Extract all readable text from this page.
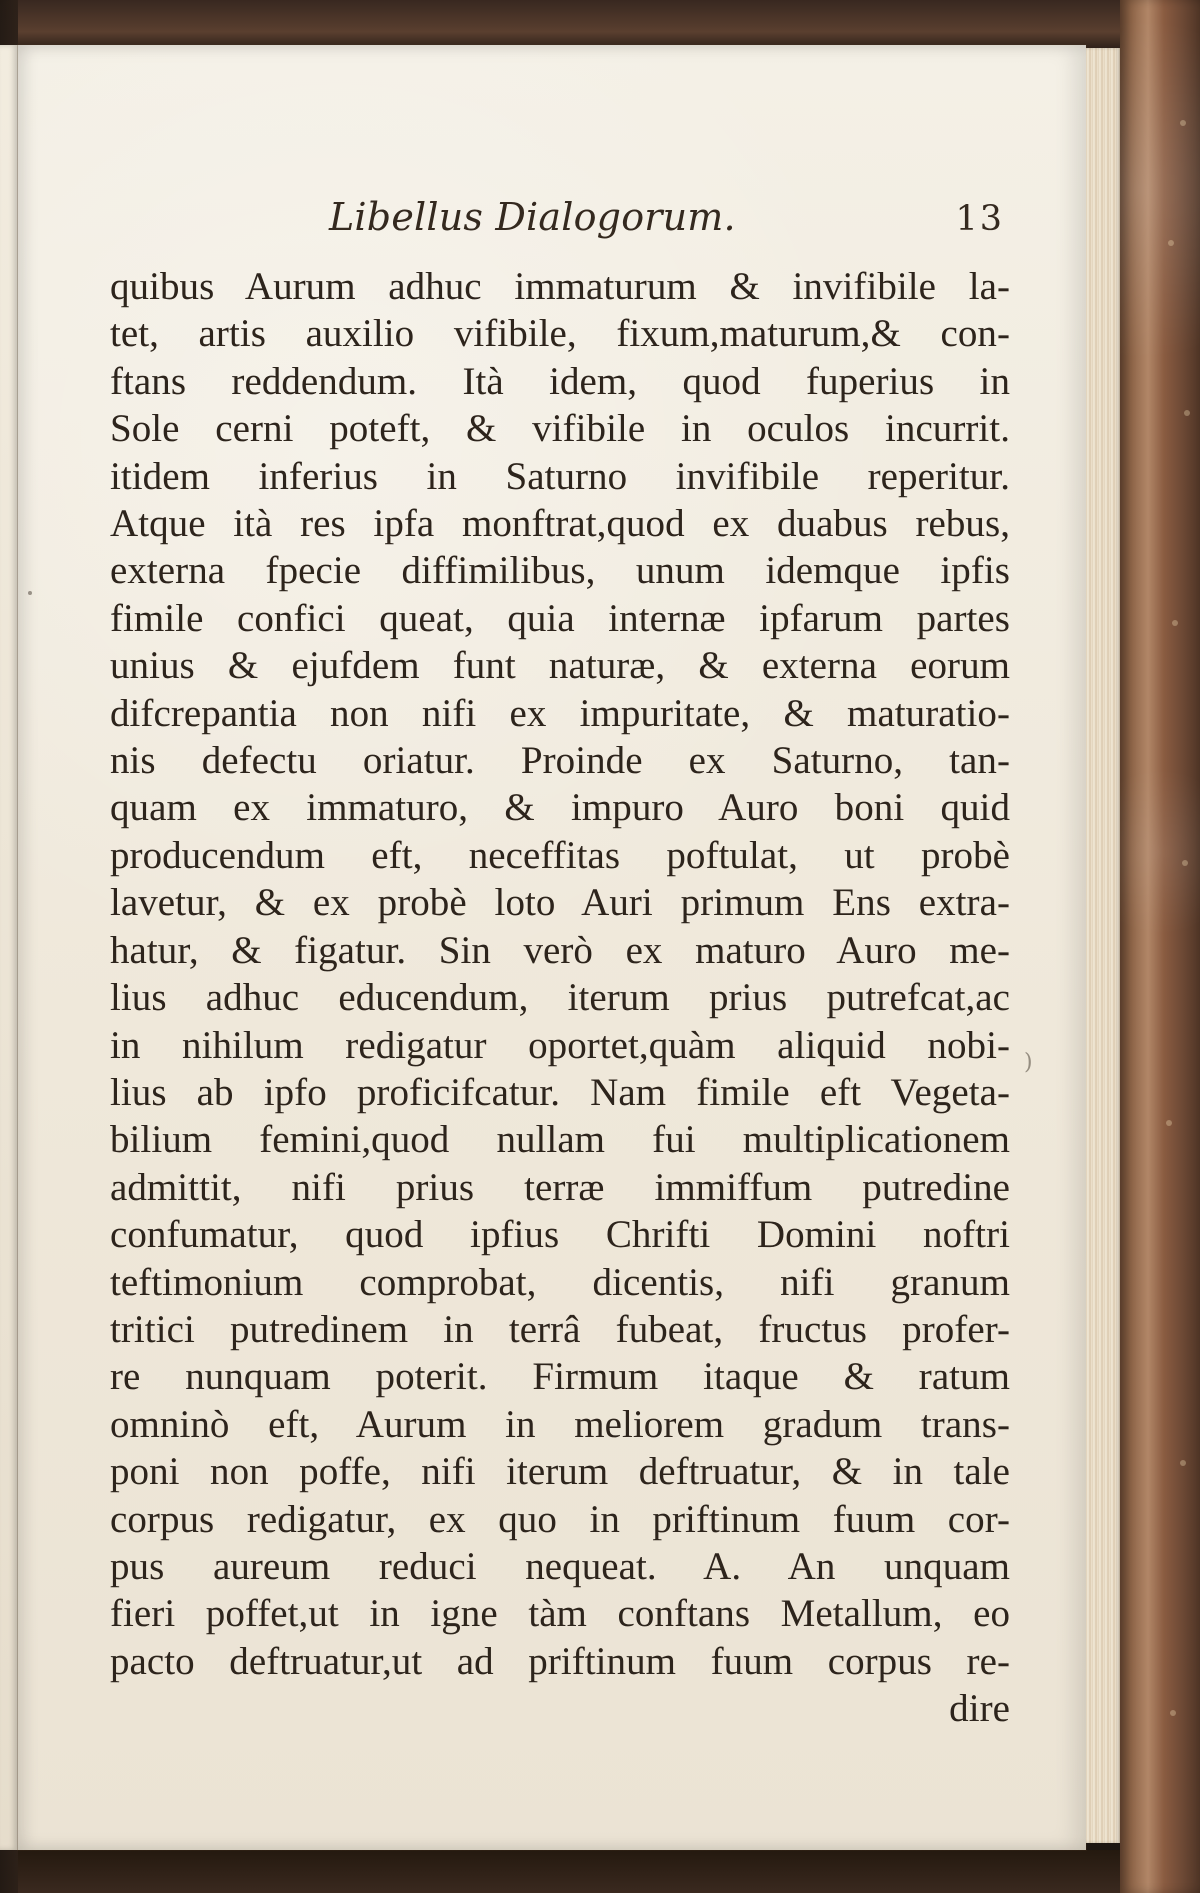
)
Libellus Dialogorum.	13
quibus Aurum adhuc immaturum & invifibile la-
tet, artis auxilio vifibile, fixum,maturum,& con-
ftans reddendum. Ità idem, quod fuperius in
Sole cerni poteft, & vifibile in oculos incurrit.
itidem inferius in Saturno invifibile reperitur.
Atque ità res ipfa monftrat,quod ex duabus rebus,
externa fpecie diffimilibus, unum idemque ipfis
fimile confici queat, quia internæ ipfarum partes
unius & ejufdem funt naturæ, & externa eorum
difcrepantia non nifi ex impuritate, & maturatio-
nis defectu oriatur. Proinde ex Saturno, tan-
quam ex immaturo, & impuro Auro boni quid
producendum eft, neceffitas poftulat, ut probè
lavetur, & ex probè loto Auri primum Ens extra-
hatur, & figatur. Sin verò ex maturo Auro me-
lius adhuc educendum, iterum prius putrefcat,ac
in nihilum redigatur oportet,quàm aliquid nobi-
lius ab ipfo proficifcatur. Nam fimile eft Vegeta-
bilium femini,quod nullam fui multiplicationem
admittit, nifi prius terræ immiffum putredine
confumatur, quod ipfius Chrifti Domini noftri
teftimonium comprobat, dicentis, nifi granum
tritici putredinem in terrâ fubeat, fructus profer-
re nunquam poterit. Firmum itaque & ratum
omninò eft, Aurum in meliorem gradum trans-
poni non poffe, nifi iterum deftruatur, & in tale
corpus redigatur, ex quo in priftinum fuum cor-
pus aureum reduci nequeat. A. An unquam
fieri poffet,ut in igne tàm conftans Metallum, eo
pacto deftruatur,ut ad priftinum fuum corpus re-
dire
